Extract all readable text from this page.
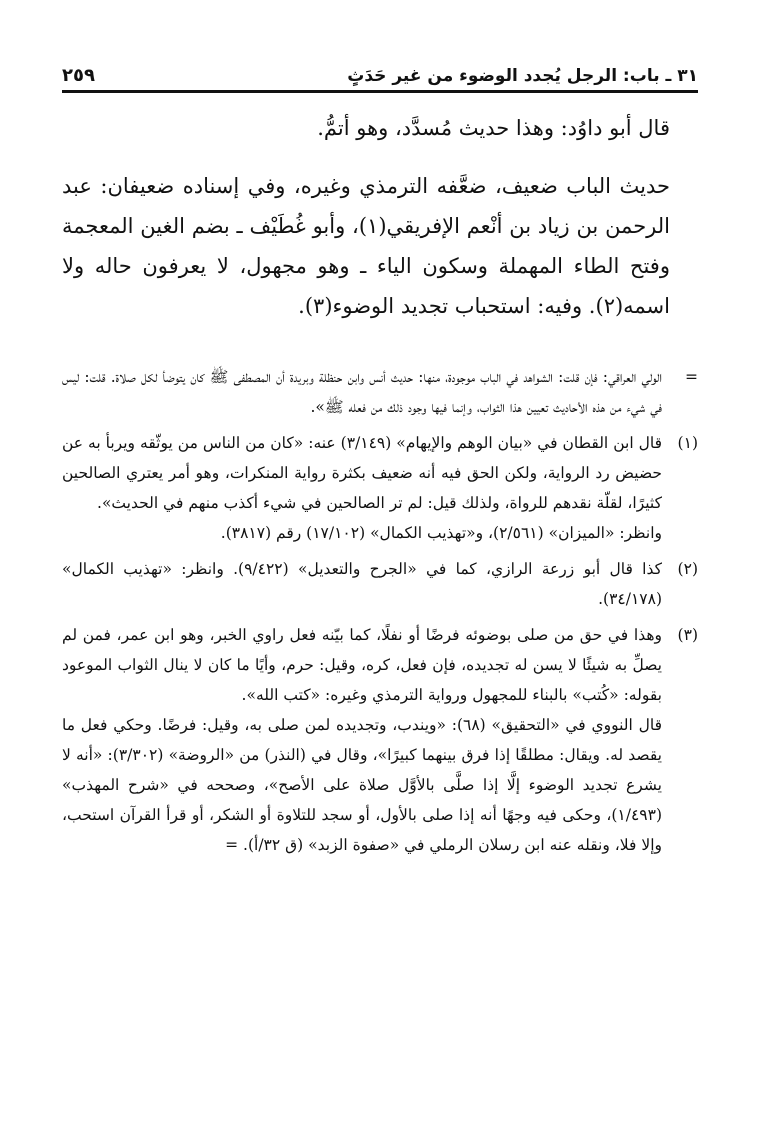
٣١ ـ باب: الرجل يُجدد الوضوء من غير حَدَثٍ
٢٥٩

قال أبو داوُد: وهذا حديث مُسدَّد، وهو أتمُّ.

حديث الباب ضعيف، ضعَّفه الترمذي وغيره، وفي إسناده ضعيفان: عبد الرحمن بن زياد بن أنْعم الإفريقي(١)، وأبو غُطَيْف ـ بضم الغين المعجمة وفتح الطاء المهملة وسكون الياء ـ وهو مجهول، لا يعرفون حاله ولا اسمه(٢). وفيه: استحباب تجديد الوضوء(٣).

=

الولي العراقي: فإن قلت: الشواهد في الباب موجودة، منها: حديث أنس وابن حنظلة وبريدة أن المصطفى ﷺ كان يتوضأ لكل صلاة. قلت: ليس في شيء من هذه الأحاديث تعيين هذا الثواب، وإنما فيها وجود ذلك من فعله ﷺ».

(١)

قال ابن القطان في «بيان الوهم والإيهام» (٣/١٤٩) عنه: «كان من الناس من يوثّقه ويربأ به عن حضيض رد الرواية، ولكن الحق فيه أنه ضعيف بكثرة رواية المنكرات، وهو أمر يعتري الصالحين كثيرًا، لقلّة نقدهم للرواة، ولذلك قيل: لم تر الصالحين في شيء أكذب منهم في الحديث».

وانظر: «الميزان» (٢/٥٦١)، و«تهذيب الكمال» (١٧/١٠٢) رقم (٣٨١٧).

(٢)

كذا قال أبو زرعة الرازي، كما في «الجرح والتعديل» (٩/٤٢٢). وانظر: «تهذيب الكمال» (٣٤/١٧٨).

(٣)

وهذا في حق من صلى بوضوئه فرضًا أو نفلًا، كما بيّنه فعل راوي الخبر، وهو ابن عمر، فمن لم يصلِّ به شيئًا لا يسن له تجديده، فإن فعل، كره، وقيل: حرم، وأيًا ما كان لا ينال الثواب الموعود بقوله: «كُتب» بالبناء للمجهول ورواية الترمذي وغيره: «كتب الله».

قال النووي في «التحقيق» (٦٨): «ويندب، وتجديده لمن صلى به، وقيل: فرضًا. وحكي فعل ما يقصد له. ويقال: مطلقًا إذا فرق بينهما كبيرًا»، وقال في (النذر) من «الروضة» (٣/٣٠٢): «أنه لا يشرع تجديد الوضوء إلَّا إذا صلَّى بالأوَّل صلاة على الأصح»، وصححه في «شرح المهذب» (١/٤٩٣)، وحكى فيه وجهًا أنه إذا صلى بالأول، أو سجد للتلاوة أو الشكر، أو قرأ القرآن استحب، وإلا فلا، ونقله عنه ابن رسلان الرملي في «صفوة الزبد» (ق ٣٢/أ). =
